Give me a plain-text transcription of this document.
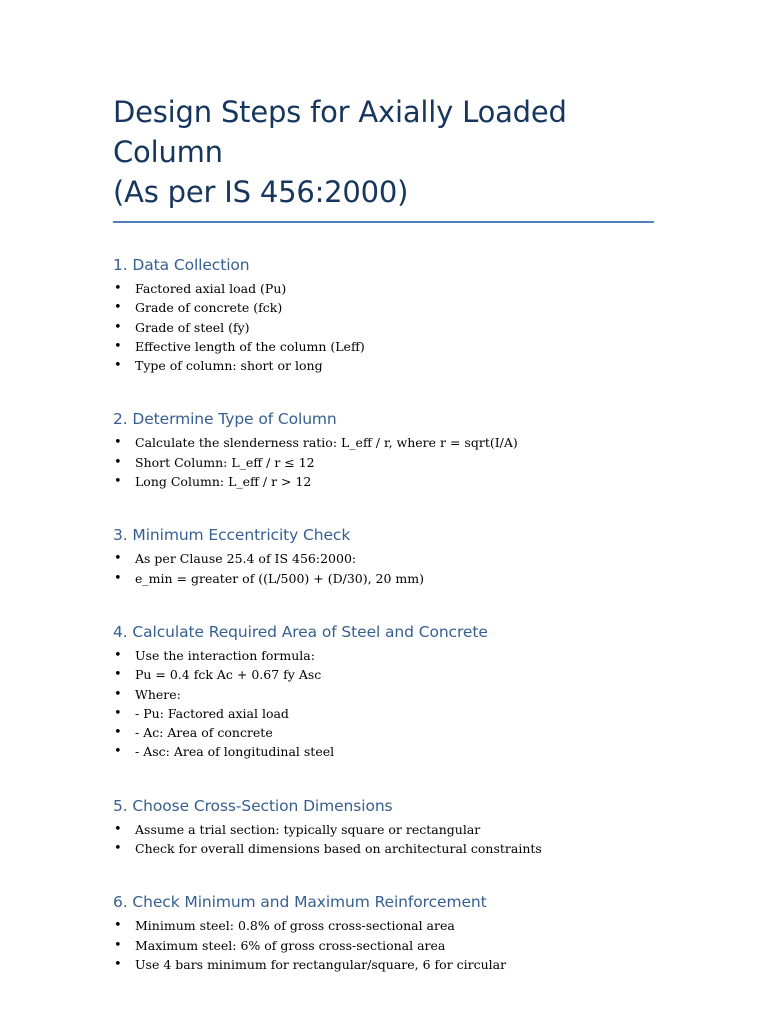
Design Steps for Axially Loaded Column
(As per IS 456:2000)
1. Data Collection
• Factored axial load (Pu)
• Grade of concrete (fck)
• Grade of steel (fy)
• Effective length of the column (Leff)
• Type of column: short or long
2. Determine Type of Column
• Calculate the slenderness ratio: L_eff / r, where r = sqrt(I/A)
• Short Column: L_eff / r ≤ 12
• Long Column: L_eff / r > 12
3. Minimum Eccentricity Check
• As per Clause 25.4 of IS 456:2000:
• e_min = greater of ((L/500) + (D/30), 20 mm)
4. Calculate Required Area of Steel and Concrete
• Use the interaction formula:
• Pu = 0.4 fck Ac + 0.67 fy Asc
• Where:
• - Pu: Factored axial load
• - Ac: Area of concrete
• - Asc: Area of longitudinal steel
5. Choose Cross-Section Dimensions
• Assume a trial section: typically square or rectangular
• Check for overall dimensions based on architectural constraints
6. Check Minimum and Maximum Reinforcement
• Minimum steel: 0.8% of gross cross-sectional area
• Maximum steel: 6% of gross cross-sectional area
• Use 4 bars minimum for rectangular/square, 6 for circular
